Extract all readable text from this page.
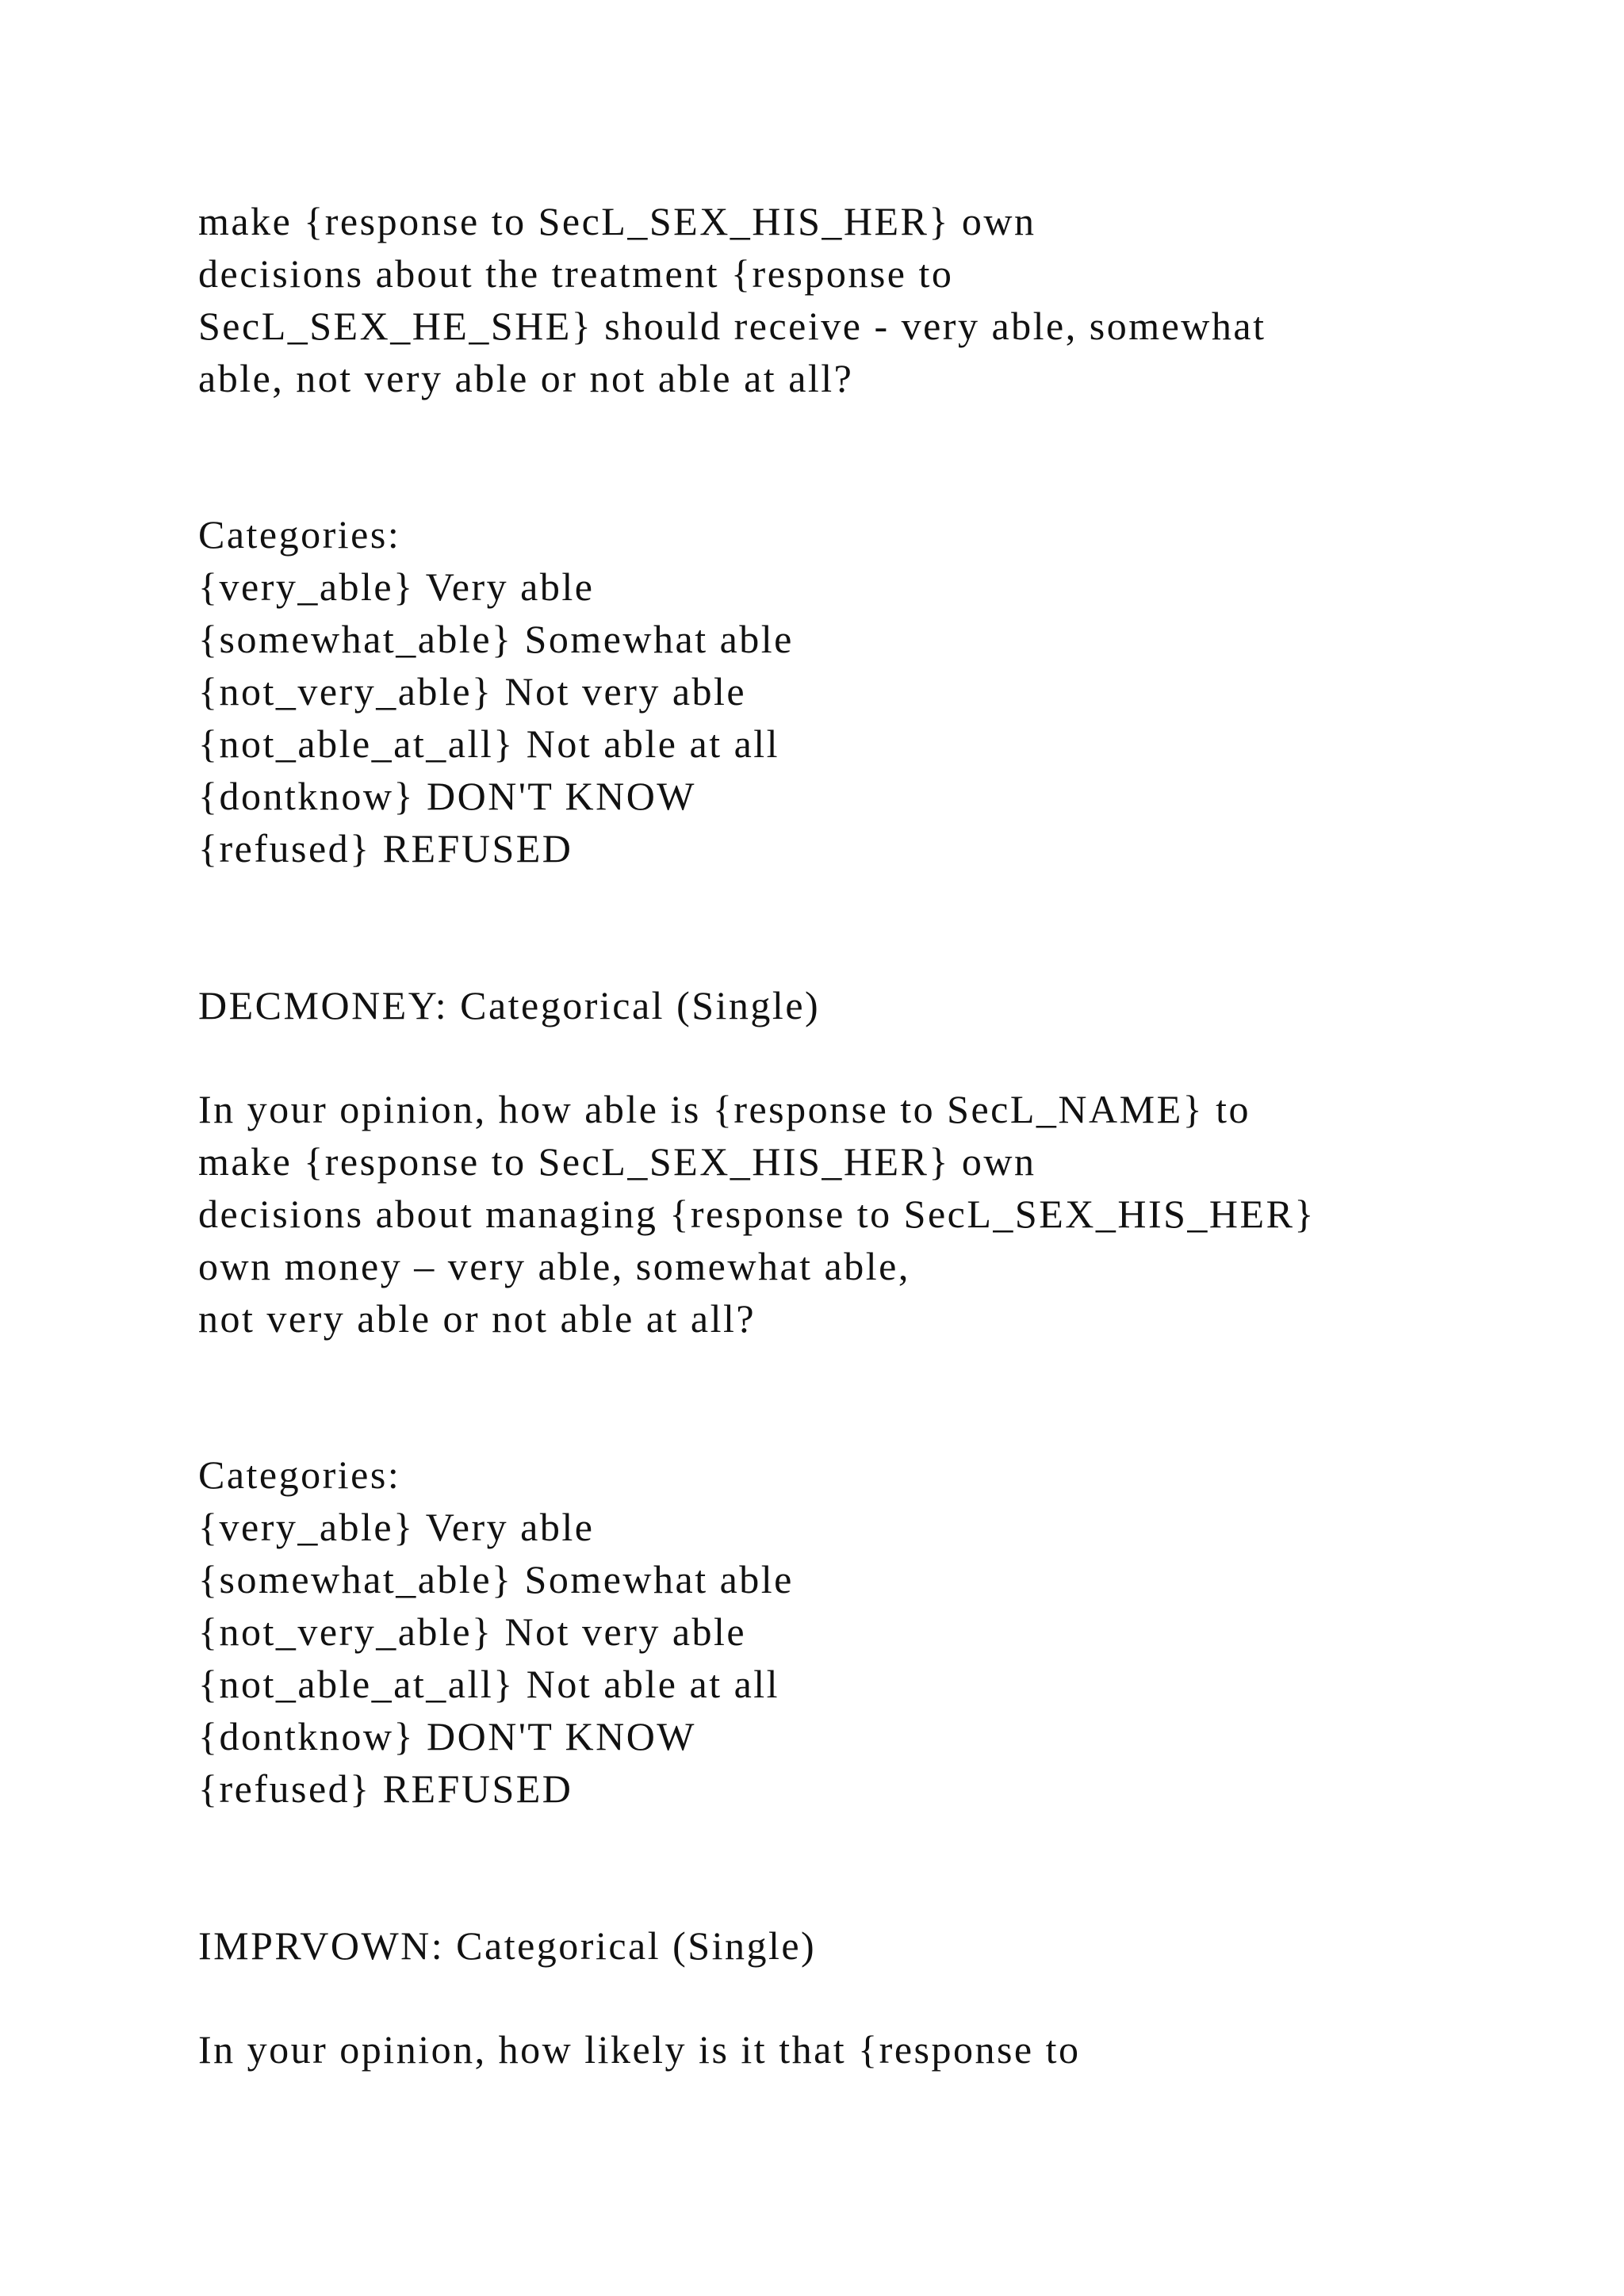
make {response to SecL_SEX_HIS_HER} own

decisions about the treatment {response to

SecL_SEX_HE_SHE} should receive - very able, somewhat

able, not very able or not able at all?

Categories:

{very_able} Very able

{somewhat_able} Somewhat able

{not_very_able} Not very able

{not_able_at_all} Not able at all

{dontknow} DON'T KNOW

{refused} REFUSED

DECMONEY: Categorical (Single)

In your opinion, how able is {response to SecL_NAME} to

make {response to SecL_SEX_HIS_HER} own

decisions about managing {response to SecL_SEX_HIS_HER}

own money – very able, somewhat able,

not very able or not able at all?

Categories:

{very_able} Very able

{somewhat_able} Somewhat able

{not_very_able} Not very able

{not_able_at_all} Not able at all

{dontknow} DON'T KNOW

{refused} REFUSED

IMPRVOWN: Categorical (Single)

In your opinion, how likely is it that {response to
